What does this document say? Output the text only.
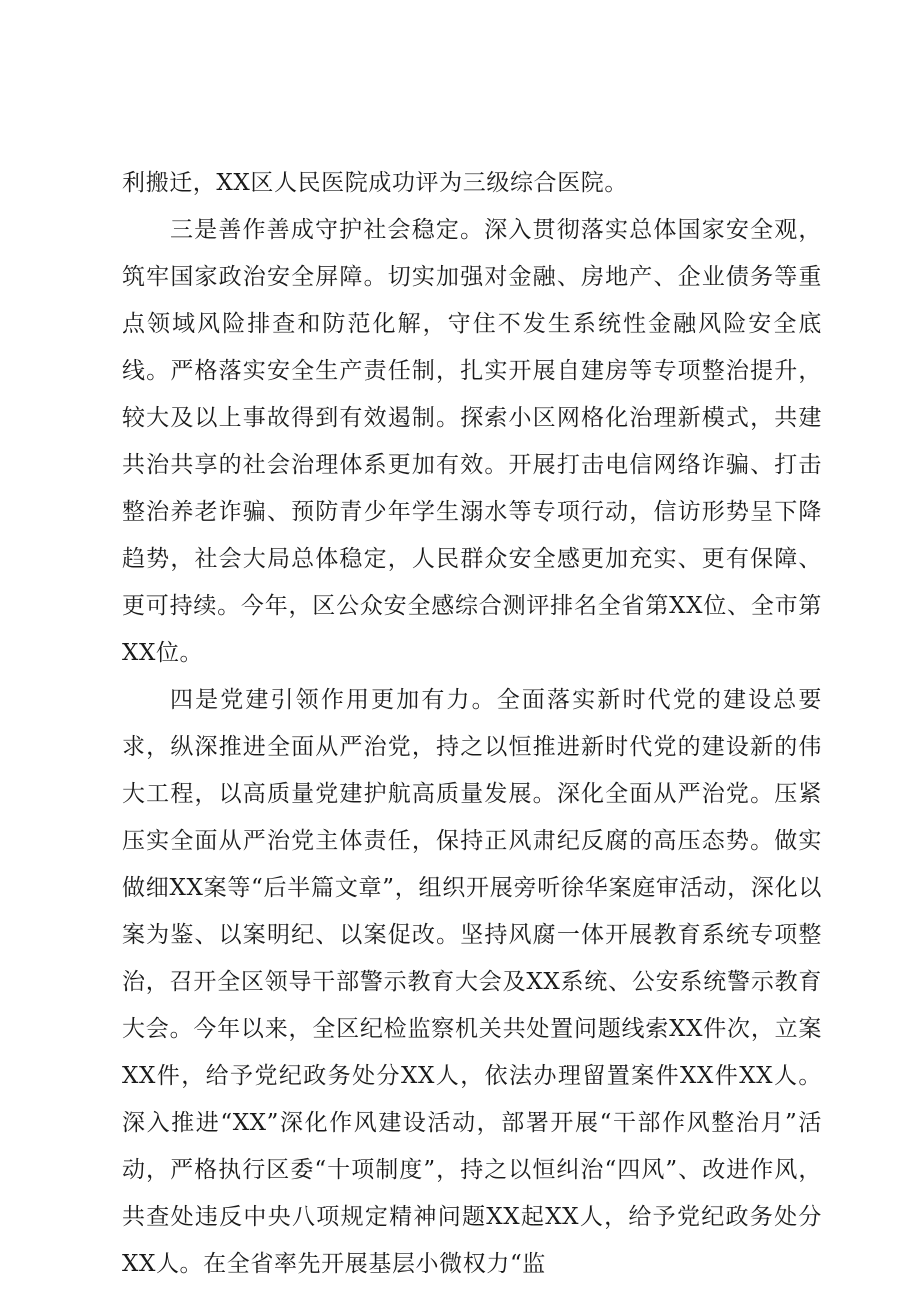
利搬迁，XX区人民医院成功评为三级综合医院。

三是善作善成守护社会稳定。深入贯彻落实总体国家安全观，筑牢国家政治安全屏障。切实加强对金融、房地产、企业债务等重点领域风险排查和防范化解，守住不发生系统性金融风险安全底线。严格落实安全生产责任制，扎实开展自建房等专项整治提升，较大及以上事故得到有效遏制。探索小区网格化治理新模式，共建共治共享的社会治理体系更加有效。开展打击电信网络诈骗、打击整治养老诈骗、预防青少年学生溺水等专项行动，信访形势呈下降趋势，社会大局总体稳定，人民群众安全感更加充实、更有保障、更可持续。今年，区公众安全感综合测评排名全省第XX位、全市第XX位。

四是党建引领作用更加有力。全面落实新时代党的建设总要求，纵深推进全面从严治党，持之以恒推进新时代党的建设新的伟大工程，以高质量党建护航高质量发展。深化全面从严治党。压紧压实全面从严治党主体责任，保持正风肃纪反腐的高压态势。做实做细XX案等“后半篇文章”，组织开展旁听徐华案庭审活动，深化以案为鉴、以案明纪、以案促改。坚持风腐一体开展教育系统专项整治，召开全区领导干部警示教育大会及XX系统、公安系统警示教育大会。今年以来，全区纪检监察机关共处置问题线索XX件次，立案XX件，给予党纪政务处分XX人，依法办理留置案件XX件XX人。深入推进“XX”深化作风建设活动，部署开展“干部作风整治月”活动，严格执行区委“十项制度”，持之以恒纠治“四风”、改进作风，共查处违反中央八项规定精神问题XX起XX人，给予党纪政务处分XX人。在全省率先开展基层小微权力“监
